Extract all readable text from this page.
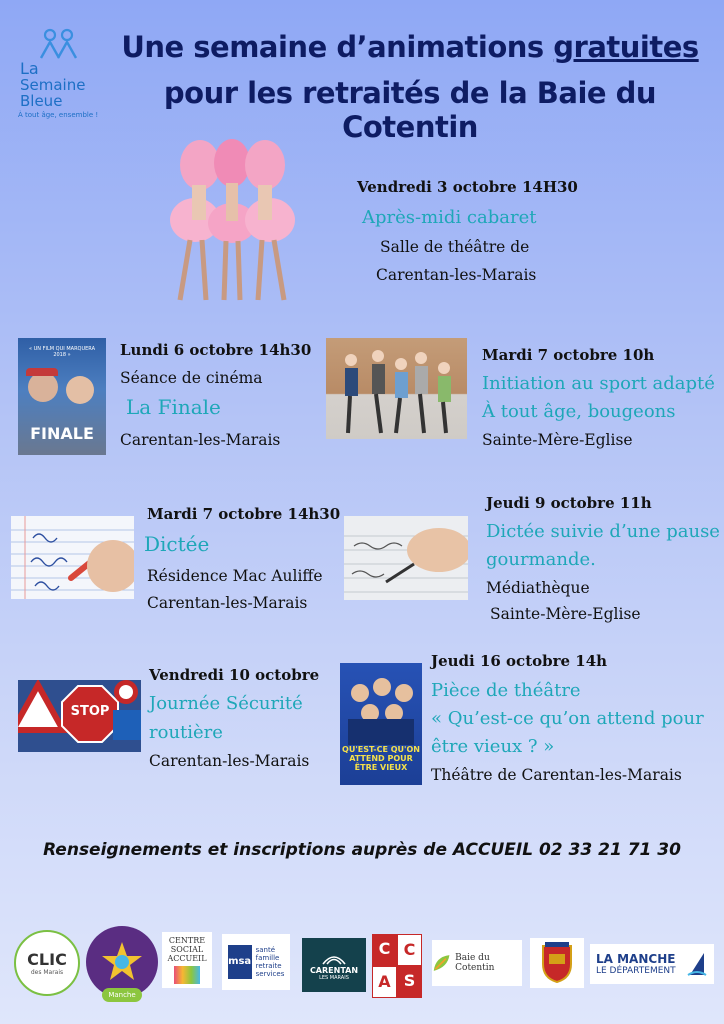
La
Semaine
Bleue
À tout âge, ensemble !
Une semaine d’animations gratuites
pour les retraités de la Baie du Cotentin
Vendredi 3 octobre 14H30
Après-midi cabaret
Salle de théâtre de
Carentan-les-Marais
« UN FILM QUI MARQUERA 2018 »
FINALE
Lundi 6 octobre 14h30
Séance de cinéma
La Finale
Carentan-les-Marais
Mardi 7 octobre 10h
Initiation au sport adapté
À tout âge, bougeons
Sainte-Mère-Eglise
Mardi 7 octobre 14h30
Dictée
Résidence Mac Auliffe
Carentan-les-Marais
Jeudi 9 octobre 11h
Dictée suivie d’une pause
gourmande.
Médiathèque
Sainte-Mère-Eglise
STOP
Vendredi 10 octobre
Journée Sécurité
routière
Carentan-les-Marais
QU'EST-CE QU'ON ATTEND POUR ÊTRE VIEUX
Jeudi 16 octobre 14h
Pièce de théâtre
« Qu’est-ce qu’on attend pour
être vieux ? »
Théâtre de Carentan-les-Marais
Renseignements et inscriptions auprès de ACCUEIL 02 33 21 71 30
CLIC
des Marais
Manche
CENTRE SOCIAL ACCUEIL	msa
santé
famille
retraite
services	CARENTAN
LES MARAIS
C C
A S
Baie du Cotentin
LA MANCHE
LE DÉPARTEMENT
